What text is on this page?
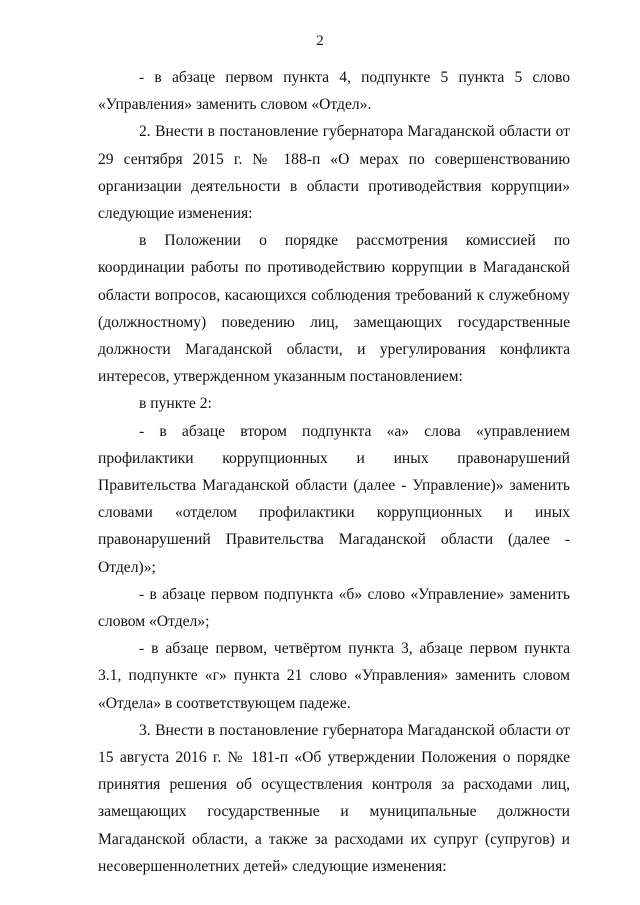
2

- в абзаце первом пункта 4, подпункте 5 пункта 5 слово «Управления» заменить словом «Отдел».

2. Внести в постановление губернатора Магаданской области от 29 сентября 2015 г. № 188-п «О мерах по совершенствованию организации деятельности в области противодействия коррупции» следующие изменения:

в Положении о порядке рассмотрения комиссией по координации работы по противодействию коррупции в Магаданской области вопросов, касающихся соблюдения требований к служебному (должностному) поведению лиц, замещающих государственные должности Магаданской области, и урегулирования конфликта интересов, утвержденном указанным постановлением:

в пункте 2:

- в абзаце втором подпункта «а» слова «управлением профилактики коррупционных и иных правонарушений Правительства Магаданской области (далее - Управление)» заменить словами «отделом профилактики коррупционных и иных правонарушений Правительства Магаданской области (далее - Отдел)»;

- в абзаце первом подпункта «б» слово «Управление» заменить словом «Отдел»;

- в абзаце первом, четвёртом пункта 3, абзаце первом пункта 3.1, подпункте «г» пункта 21 слово «Управления» заменить словом «Отдела» в соответствующем падеже.

3. Внести в постановление губернатора Магаданской области от 15 августа 2016 г. № 181-п «Об утверждении Положения о порядке принятия решения об осуществления контроля за расходами лиц, замещающих государственные и муниципальные должности Магаданской области, а также за расходами их супруг (супругов) и несовершеннолетних детей» следующие изменения:
